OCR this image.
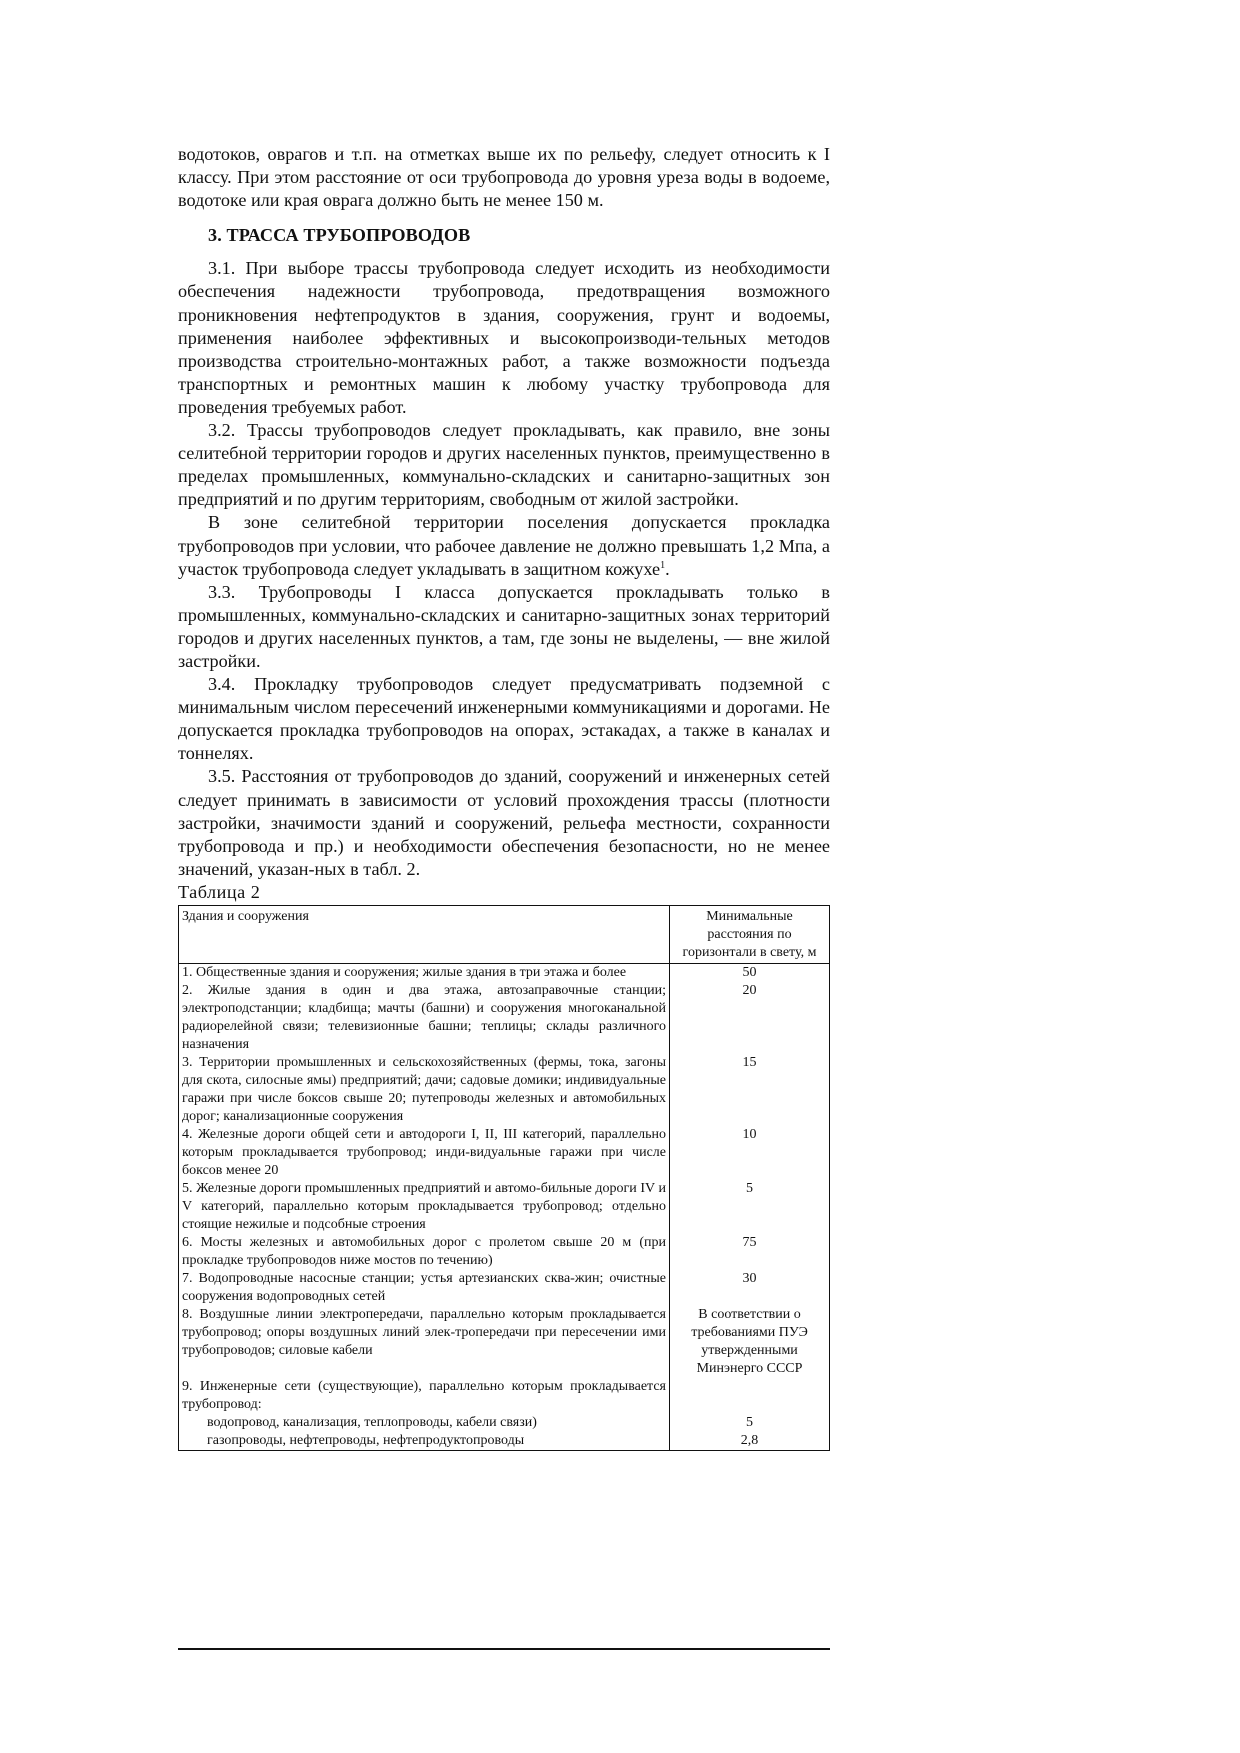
водотоков, оврагов и т.п. на отметках выше их по рельефу, следует относить к I классу. При этом расстояние от оси трубопровода до уровня уреза воды в водоеме, водотоке или края оврага должно быть не менее 150 м.

3. ТРАССА ТРУБОПРОВОДОВ

3.1. При выборе трассы трубопровода следует исходить из необходимости обеспечения надежности трубопровода, предотвращения возможного проникновения нефтепродуктов в здания, сооружения, грунт и водоемы, применения наиболее эффективных и высокопроизводи-тельных методов производства строительно-монтажных работ, а также возможности подъезда транспортных и ремонтных машин к любому участку трубопровода для проведения требуемых работ.

3.2. Трассы трубопроводов следует прокладывать, как правило, вне зоны селитебной территории городов и других населенных пунктов, преимущественно в пределах промышленных, коммунально-складских и санитарно-защитных зон предприятий и по другим территориям, свободным от жилой застройки.

В зоне селитебной территории поселения допускается прокладка трубопроводов при условии, что рабочее давление не должно превышать 1,2 Мпа, а участок трубопровода следует укладывать в защитном кожухе$^1$.

3.3. Трубопроводы I класса допускается прокладывать только в промышленных, коммунально-складских и санитарно-защитных зонах территорий городов и других населенных пунктов, а там, где зоны не выделены, — вне жилой застройки.

3.4. Прокладку трубопроводов следует предусматривать подземной с минимальным числом пересечений инженерными коммуникациями и дорогами. Не допускается прокладка трубопроводов на опорах, эстакадах, а также в каналах и тоннелях.

3.5. Расстояния от трубопроводов до зданий, сооружений и инженерных сетей следует принимать в зависимости от условий прохождения трассы (плотности застройки, значимости зданий и сооружений, рельефа местности, сохранности трубопровода и пр.) и необходимости обеспечения безопасности, но не менее значений, указан-ных в табл. 2.

Таблица 2

Здания и сооружения	Минимальные расстояния по горизонтали в свету, м
1. Общественные здания и сооружения; жилые здания в три этажа и более	50
2. Жилые здания в один и два этажа, автозаправочные станции; электроподстанции; кладбища; мачты (башни) и сооружения многоканальной радиорелейной связи; телевизионные башни; теплицы; склады различного назначения	20
3. Территории промышленных и сельскохозяйственных (фермы, тока, загоны для скота, силосные ямы) предприятий; дачи; садовые домики; индивидуальные гаражи при числе боксов свыше 20; путепроводы железных и автомобильных дорог; канализационные сооружения	15
4. Железные дороги общей сети и автодороги I, II, III категорий, параллельно которым прокладывается трубопровод; инди-видуальные гаражи при числе боксов менее 20	10
5. Железные дороги промышленных предприятий и автомо-бильные дороги IV и V категорий, параллельно которым прокладывается трубопровод; отдельно стоящие нежилые и подсобные строения	5
6. Мосты железных и автомобильных дорог с пролетом свыше 20 м (при прокладке трубопроводов ниже мостов по течению)	75
7. Водопроводные насосные станции; устья артезианских сква-жин; очистные сооружения водопроводных сетей	30
8. Воздушные линии электропередачи, параллельно которым прокладывается трубопровод; опоры воздушных линий элек-тропередачи при пересечении ими трубопроводов; силовые кабели	В соответствии о требованиями ПУЭ утвержденными Минэнерго СССР
9. Инженерные сети (существующие), параллельно которым прокладывается трубопровод:	
водопровод, канализация, теплопроводы, кабели связи)	5
газопроводы, нефтепроводы, нефтепродуктопроводы	2,8
